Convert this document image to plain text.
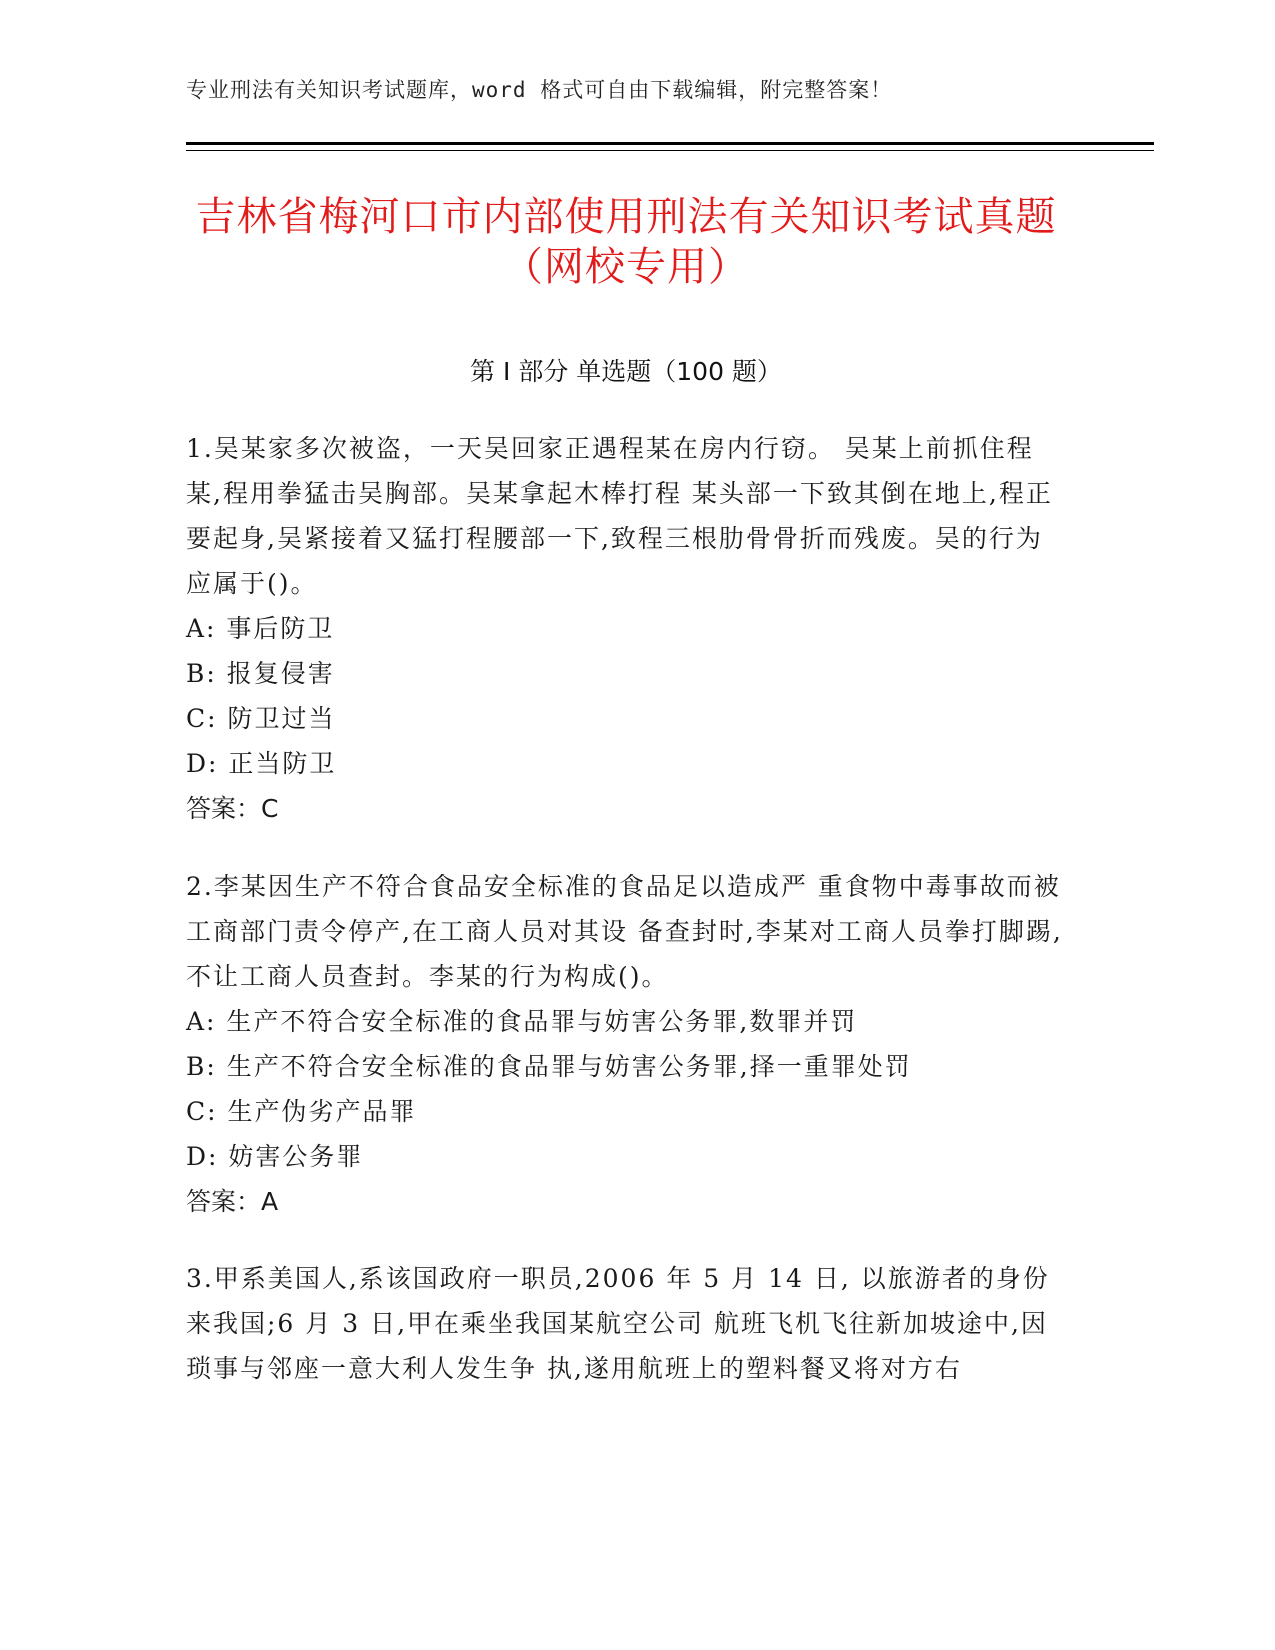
专业刑法有关知识考试题库，word 格式可自由下载编辑，附完整答案！
吉林省梅河口市内部使用刑法有关知识考试真题（网校专用）
第 I 部分 单选题（100 题）

1.吴某家多次被盗，一天吴回家正遇程某在房内行窃。 吴某上前抓住程某,程用拳猛击吴胸部。吴某拿起木棒打程 某头部一下致其倒在地上,程正要起身,吴紧接着又猛打程腰部一下,致程三根肋骨骨折而残废。吴的行为应属于()。

A: 事后防卫

B: 报复侵害

C: 防卫过当

D: 正当防卫

答案：C

2.李某因生产不符合食品安全标准的食品足以造成严 重食物中毒事故而被工商部门责令停产,在工商人员对其设 备查封时,李某对工商人员拳打脚踢,不让工商人员查封。李某的行为构成()。

A: 生产不符合安全标准的食品罪与妨害公务罪,数罪并罚

B: 生产不符合安全标准的食品罪与妨害公务罪,择一重罪处罚

C: 生产伪劣产品罪

D: 妨害公务罪

答案：A

3.甲系美国人,系该国政府一职员,2006 年 5 月 14 日, 以旅游者的身份来我国;6 月 3 日,甲在乘坐我国某航空公司 航班飞机飞往新加坡途中,因琐事与邻座一意大利人发生争 执,遂用航班上的塑料餐叉将对方右
